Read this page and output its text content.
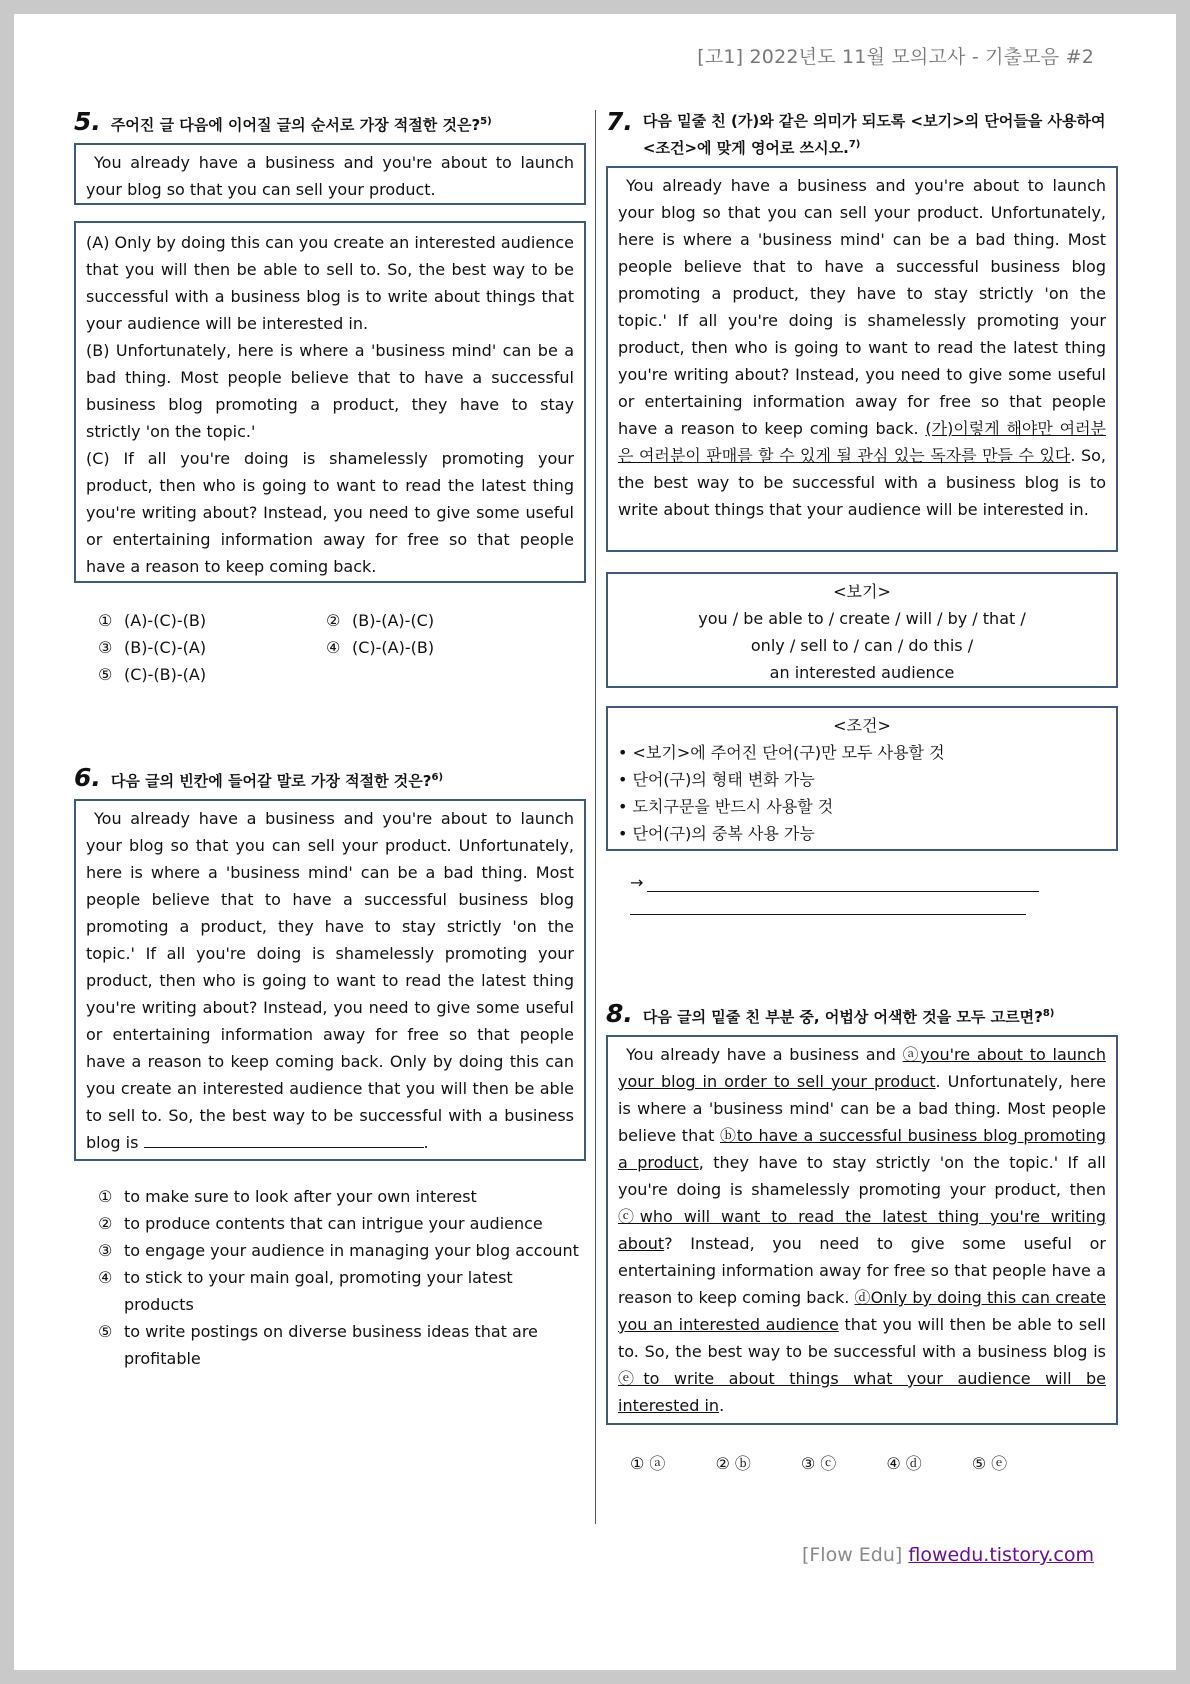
[고1] 2022년도 11월 모의고사 - 기출모음 #2
5. 주어진 글 다음에 이어질 글의 순서로 가장 적절한 것은?$^{5)}$

You already have a business and you're about to launch your blog so that you can sell your product.

(A) Only by doing this can you create an interested audience that you will then be able to sell to. So, the best way to be successful with a business blog is to write about things that your audience will be interested in.

(B) Unfortunately, here is where a 'business mind' can be a bad thing. Most people believe that to have a successful business blog promoting a product, they have to stay strictly 'on the topic.'

(C) If all you're doing is shamelessly promoting your product, then who is going to want to read the latest thing you're writing about? Instead, you need to give some useful or entertaining information away for free so that people have a reason to keep coming back.

① (A)-(C)-(B)	② (B)-(A)-(C)
③ (B)-(C)-(A)	④ (C)-(A)-(B)
⑤ (C)-(B)-(A)
6. 다음 글의 빈칸에 들어갈 말로 가장 적절한 것은?$^{6)}$

You already have a business and you're about to launch your blog so that you can sell your product. Unfortunately, here is where a 'business mind' can be a bad thing. Most people believe that to have a successful business blog promoting a product, they have to stay strictly 'on the topic.' If all you're doing is shamelessly promoting your product, then who is going to want to read the latest thing you're writing about? Instead, you need to give some useful or entertaining information away for free so that people have a reason to keep coming back. Only by doing this can you create an interested audience that you will then be able to sell to. So, the best way to be successful with a business blog is	.

① to make sure to look after your own interest
② to produce contents that can intrigue your audience
③ to engage your audience in managing your blog account
④ to stick to your main goal, promoting your latest products
⑤ to write postings on diverse business ideas that are profitable
7. 다음 밑줄 친 (가)와 같은 의미가 되도록 <보기>의 단어들을 사용하여 <조건>에 맞게 영어로 쓰시오.$^{7)}$

You already have a business and you're about to launch your blog so that you can sell your product. Unfortunately, here is where a 'business mind' can be a bad thing. Most people believe that to have a successful business blog promoting a product, they have to stay strictly 'on the topic.' If all you're doing is shamelessly promoting your product, then who is going to want to read the latest thing you're writing about? Instead, you need to give some useful or entertaining information away for free so that people have a reason to keep coming back. (가)이렇게 해야만 여러분은 여러분이 판매를 할 수 있게 될 관심 있는 독자를 만들 수 있다. So, the best way to be successful with a business blog is to write about things that your audience will be interested in.

<보기>

you / be able to / create / will / by / that /

only / sell to / can / do this /

an interested audience

<조건>

• <보기>에 주어진 단어(구)만 모두 사용할 것

• 단어(구)의 형태 변화 가능

• 도치구문을 반드시 사용할 것

• 단어(구)의 중복 사용 가능

→
8. 다음 글의 밑줄 친 부분 중, 어법상 어색한 것을 모두 고르면?$^{8)}$

You already have a business and ⓐyou're about to launch your blog in order to sell your product. Unfortunately, here is where a 'business mind' can be a bad thing. Most people believe that ⓑto have a successful business blog promoting a product, they have to stay strictly 'on the topic.' If all you're doing is shamelessly promoting your product, then ⓒwho will want to read the latest thing you're writing about? Instead, you need to give some useful or entertaining information away for free so that people have a reason to keep coming back. ⓓOnly by doing this can create you an interested audience that you will then be able to sell to. So, the best way to be successful with a business blog is ⓔto write about things what your audience will be interested in.

① ⓐ	② ⓑ	③ ⓒ	④ ⓓ	⑤ ⓔ
[Flow Edu] flowedu.tistory.com
